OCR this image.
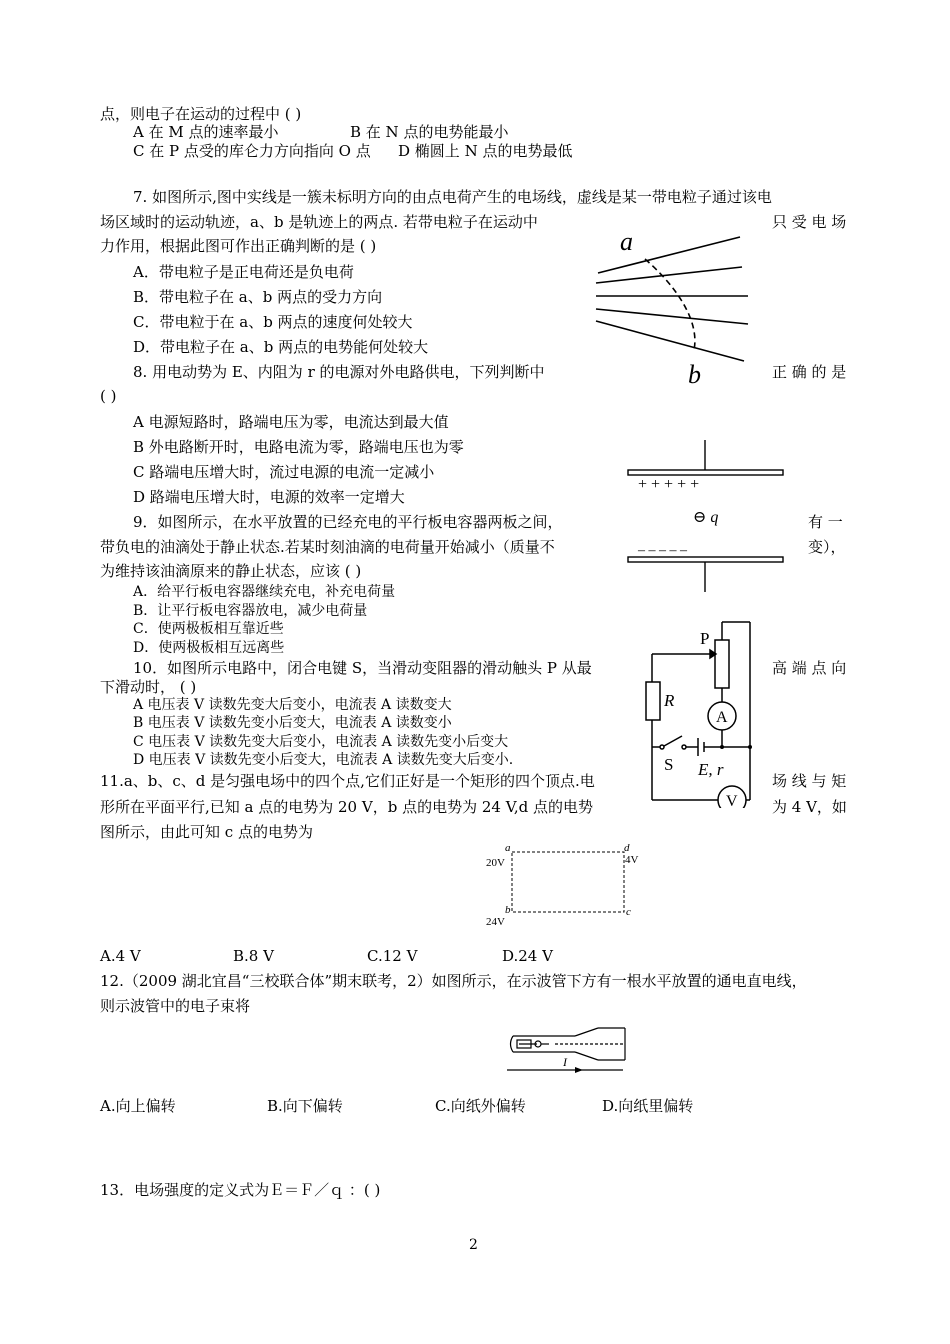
点，则电子在运动的过程中 ( )
A 在 M 点的速率最小	B 在 N 点的电势能最小
C 在 P 点受的库仑力方向指向 O 点 D 椭圆上 N 点的电势最低
7. 如图所示,图中实线是一簇未标明方向的由点电荷产生的电场线，虚线是某一带电粒子通过该电
场区域时的运动轨迹，a、b 是轨迹上的两点. 若带电粒子在运动中	只 受 电 场
力作用，根据此图可作出正确判断的是 ( )
A．带电粒子是正电荷还是负电荷
B．带电粒子在 a、b 两点的受力方向
C．带电粒于在 a、b 两点的速度何处较大
D．带电粒子在 a、b 两点的电势能何处较大
a
b
8. 用电动势为 E、内阻为 r 的电源对外电路供电，下列判断中	正 确 的 是
( )
A 电源短路时，路端电压为零，电流达到最大值
B 外电路断开时，电路电流为零，路端电压也为零
C 路端电压增大时，流过电源的电流一定减小
D 路端电压增大时，电源的效率一定增大
+ + + + +
⊖ q
– – – – –
9．如图所示，在水平放置的已经充电的平行板电容器两板之间，	有 一
带负电的油滴处于静止状态.若某时刻油滴的电荷量开始减小（质量不	变），
为维持该油滴原来的静止状态，应该 ( )
A．给平行板电容器继续充电，补充电荷量
B．让平行板电容器放电，减少电荷量
C．使两极板相互靠近些
D．使两极板相互远离些
10．如图所示电路中，闭合电键 S，当滑动变阻器的滑动触头 P 从最	高 端 点 向
下滑动时， ( )
A 电压表 V 读数先变大后变小，电流表 A 读数变大
B 电压表 V 读数先变小后变大，电流表 A 读数变小
C 电压表 V 读数先变大后变小，电流表 A 读数先变小后变大
D 电压表 V 读数先变小后变大，电流表 A 读数先变大后变小.
P
R
A
S E, r
V
11.a、b、c、d 是匀强电场中的四个点,它们正好是一个矩形的四个顶点.电	场 线 与 矩
形所在平面平行,已知 a 点的电势为 20 V，b 点的电势为 24 V,d 点的电势	为 4 V，如
图所示，由此可知 c 点的电势为
a	d
b	c
20V	4V
24V
A.4 V	B.8 V	C.12 V	D.24 V
12.（2009 湖北宜昌“三校联合体”期末联考，2）如图所示，在示波管下方有一根水平放置的通电直电线，
则示波管中的电子束将
I
A.向上偏转	B.向下偏转	C.向纸外偏转	D.向纸里偏转
13．电场强度的定义式为Ｅ＝Ｆ／ｑ ：( )
2
